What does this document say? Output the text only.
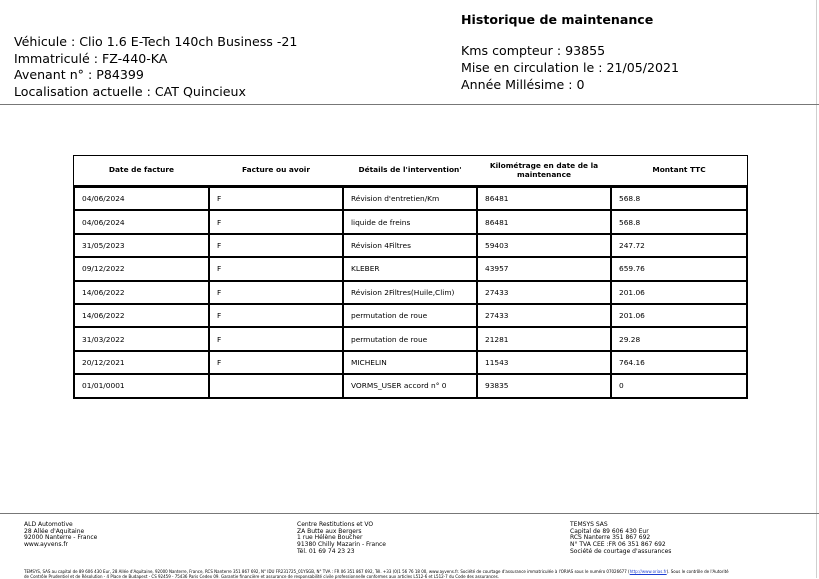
Véhicule : Clio 1.6 E-Tech 140ch Business -21
Immatriculé : FZ-440-KA
Avenant n° : P84399
Localisation actuelle : CAT Quincieux
Historique de maintenance
Kms compteur : 93855
Mise en circulation le : 21/05/2021
Année Millésime : 0
Date de facture	Facture ou avoir	Détails de l'intervention'	Kilométrage en date de la maintenance	Montant TTC
04/06/2024	F	Révision d'entretien/Km	86481	568.8
04/06/2024	F	liquide de freins	86481	568.8
31/05/2023	F	Révision 4Filtres	59403	247.72
09/12/2022	F	KLEBER	43957	659.76
14/06/2022	F	Révision 2Filtres(Huile,Clim)	27433	201.06
14/06/2022	F	permutation de roue	27433	201.06
31/03/2022	F	permutation de roue	21281	29.28
20/12/2021	F	MICHELIN	11543	764.16
01/01/0001		VORMS_USER accord n° 0	93835	0
ALD Automotive
28 Allée d'Aquitaine
92000 Nanterre - France
www.ayvens.fr
Centre Restitutions et VO
ZA Butte aux Bergers
1 rue Hélène Boucher
91380 Chilly Mazarin - France
Tél. 01 69 74 23 23
TEMSYS SAS
Capital de 89 606 430 Eur
RCS Nanterre 351 867 692
N° TVA CEE :FR 06 351 867 692
Société de courtage d'assurances
TEMSYS, SAS au capital de 89 606 430 Eur, 28 Allée d'Aquitaine, 92000 Nanterre, France, RCS Nanterre 351 867 692, N° IDU FR231725_01YSGB, N° TVA : FR 06 351 867 692, Tél. +33 (0)1 56 76 18 00, www.ayvens.fr. Société de courtage d'assurance immatriculée à l'ORIAS sous le numéro 07026677 (http://www.orias.fr). Sous le contrôle de l'Autorité
de Contrôle Prudentiel et de Résolution - 4 Place de Budapest - CS 92459 - 75436 Paris Cedex 09. Garantie financière et assurance de responsabilité civile professionnelle conformes aux articles L512-6 et L512-7 du Code des assurances.
